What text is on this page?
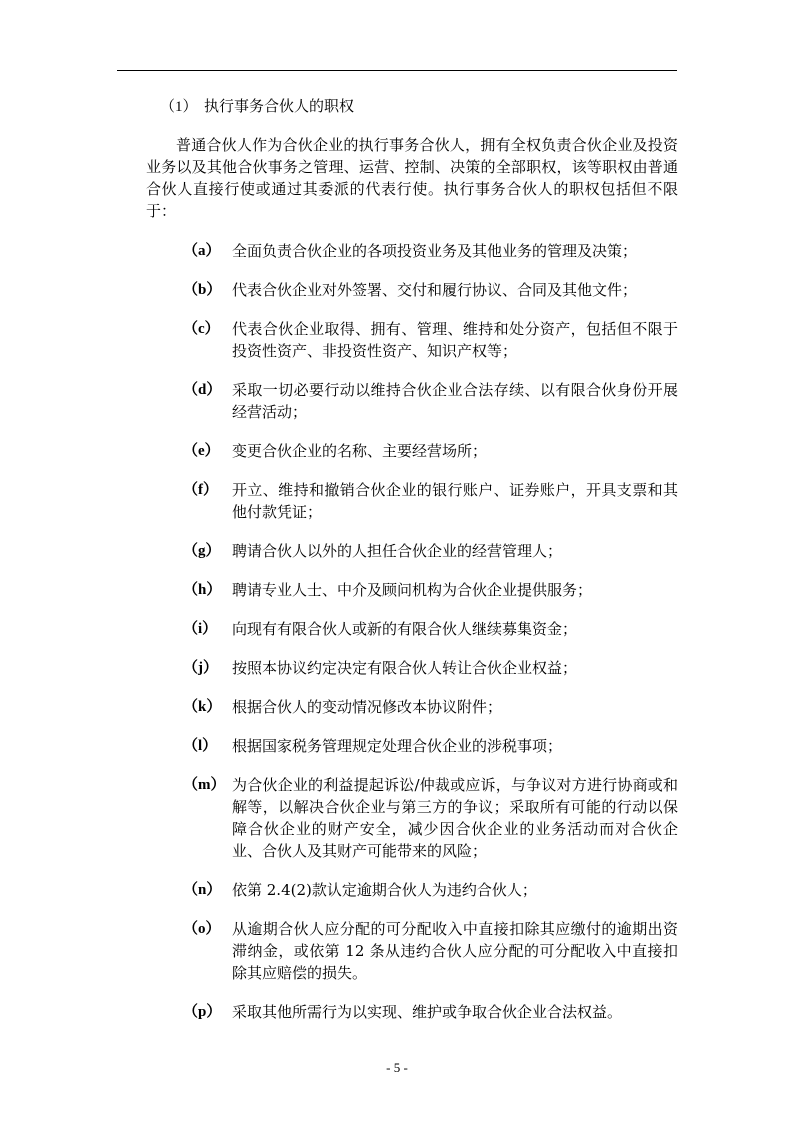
（1） 执行事务合伙人的职权

普通合伙人作为合伙企业的执行事务合伙人，拥有全权负责合伙企业及投资业务以及其他合伙事务之管理、运营、控制、决策的全部职权，该等职权由普通合伙人直接行使或通过其委派的代表行使。执行事务合伙人的职权包括但不限于：

（a） 全面负责合伙企业的各项投资业务及其他业务的管理及决策；
（b） 代表合伙企业对外签署、交付和履行协议、合同及其他文件；
（c） 代表合伙企业取得、拥有、管理、维持和处分资产，包括但不限于投资性资产、非投资性资产、知识产权等；
（d） 采取一切必要行动以维持合伙企业合法存续、以有限合伙身份开展经营活动；
（e） 变更合伙企业的名称、主要经营场所；
（f） 开立、维持和撤销合伙企业的银行账户、证券账户，开具支票和其他付款凭证；
（g） 聘请合伙人以外的人担任合伙企业的经营管理人；
（h） 聘请专业人士、中介及顾问机构为合伙企业提供服务；
（i） 向现有有限合伙人或新的有限合伙人继续募集资金；
（j） 按照本协议约定决定有限合伙人转让合伙企业权益；
（k） 根据合伙人的变动情况修改本协议附件；
（l） 根据国家税务管理规定处理合伙企业的涉税事项；
（m） 为合伙企业的利益提起诉讼/仲裁或应诉，与争议对方进行协商或和解等，以解决合伙企业与第三方的争议；采取所有可能的行动以保障合伙企业的财产安全，减少因合伙企业的业务活动而对合伙企业、合伙人及其财产可能带来的风险；
（n） 依第 2.4(2)款认定逾期合伙人为违约合伙人；
（o） 从逾期合伙人应分配的可分配收入中直接扣除其应缴付的逾期出资滞纳金，或依第 12 条从违约合伙人应分配的可分配收入中直接扣除其应赔偿的损失。
（p） 采取其他所需行为以实现、维护或争取合伙企业合法权益。
- 5 -
